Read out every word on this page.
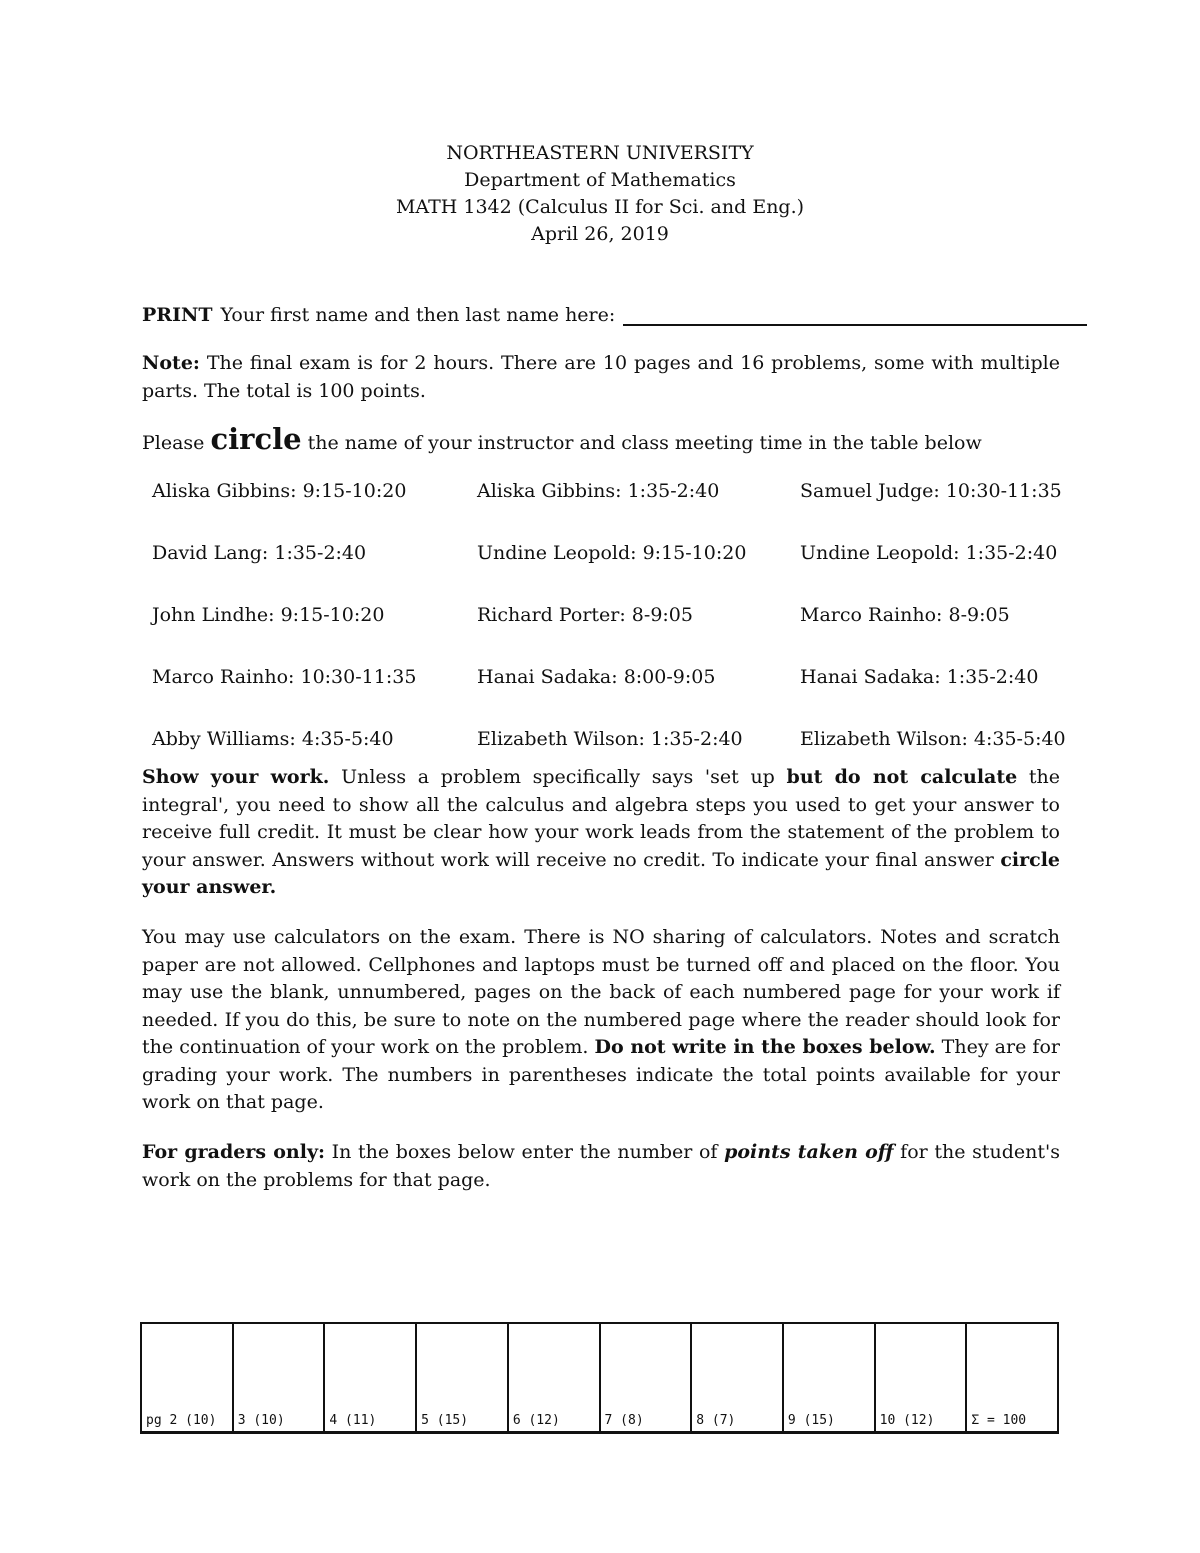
NORTHEASTERN UNIVERSITY
Department of Mathematics
MATH 1342 (Calculus II for Sci. and Eng.)
April 26, 2019
PRINT Your first name and then last name here:
Note: The final exam is for 2 hours. There are 10 pages and 16 problems, some with multiple parts. The total is 100 points.
Please circle the name of your instructor and class meeting time in the table below
Aliska Gibbins: 9:15-10:20	Aliska Gibbins: 1:35-2:40	Samuel Judge: 10:30-11:35
David Lang: 1:35-2:40	Undine Leopold: 9:15-10:20	Undine Leopold: 1:35-2:40
John Lindhe: 9:15-10:20	Richard Porter: 8-9:05	Marco Rainho: 8-9:05
Marco Rainho: 10:30-11:35	Hanai Sadaka: 8:00-9:05	Hanai Sadaka: 1:35-2:40
Abby Williams: 4:35-5:40	Elizabeth Wilson: 1:35-2:40	Elizabeth Wilson: 4:35-5:40
Show your work. Unless a problem specifically says 'set up but do not calculate the integral', you need to show all the calculus and algebra steps you used to get your answer to receive full credit. It must be clear how your work leads from the statement of the problem to your answer. Answers without work will receive no credit. To indicate your final answer circle your answer.
You may use calculators on the exam. There is NO sharing of calculators. Notes and scratch paper are not allowed. Cellphones and laptops must be turned off and placed on the floor. You may use the blank, unnumbered, pages on the back of each numbered page for your work if needed. If you do this, be sure to note on the numbered page where the reader should look for the continuation of your work on the problem. Do not write in the boxes below. They are for grading your work. The numbers in parentheses indicate the total points available for your work on that page.
For graders only: In the boxes below enter the number of points taken off for the student's work on the problems for that page.
pg 2 (10) 3 (10)	4 (11)	5 (15)	6 (12)	7 (8)	8 (7)	9 (15)	10 (12)	Σ = 100
